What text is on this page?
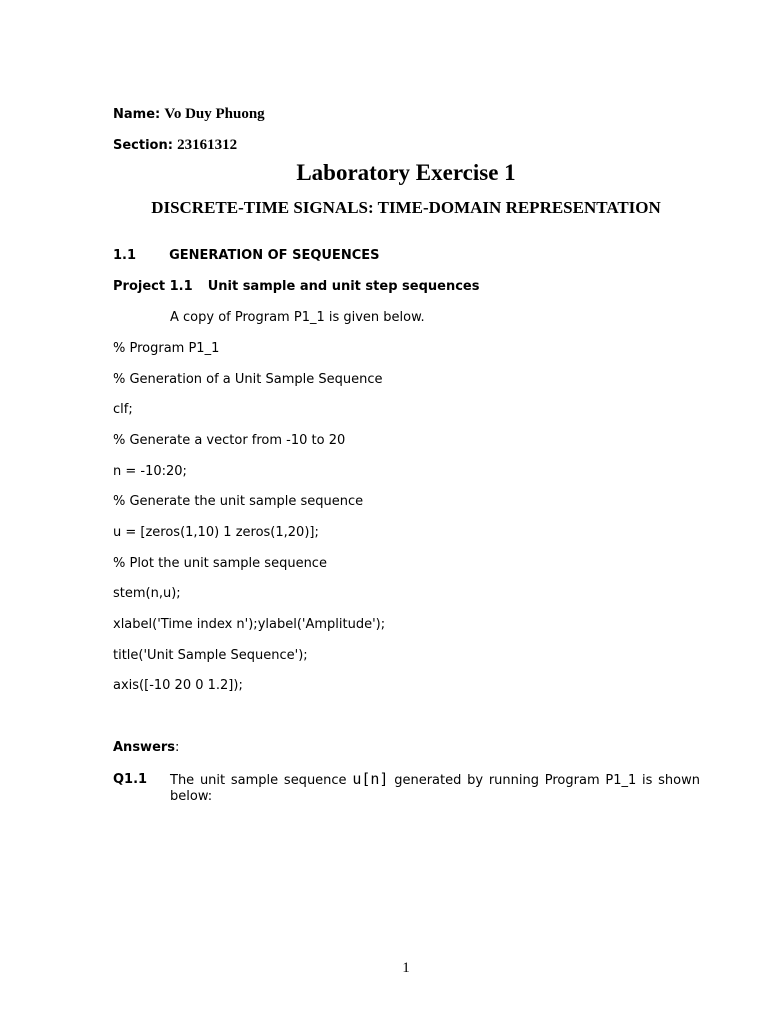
Name: Vo Duy Phuong
Section: 23161312
Laboratory Exercise 1
DISCRETE-TIME SIGNALS: TIME-DOMAIN REPRESENTATION
1.1	GENERATION OF SEQUENCES
Project 1.1 Unit sample and unit step sequences
A copy of Program P1_1 is given below.
% Program P1_1
% Generation of a Unit Sample Sequence
clf;
% Generate a vector from -10 to 20
n = -10:20;
% Generate the unit sample sequence
u = [zeros(1,10) 1 zeros(1,20)];
% Plot the unit sample sequence
stem(n,u);
xlabel('Time index n');ylabel('Amplitude');
title('Unit Sample Sequence');
axis([-10 20 0 1.2]);
Answers:
Q1.1 The unit sample sequence u[n] generated by running Program P1_1 is shown below:
1
